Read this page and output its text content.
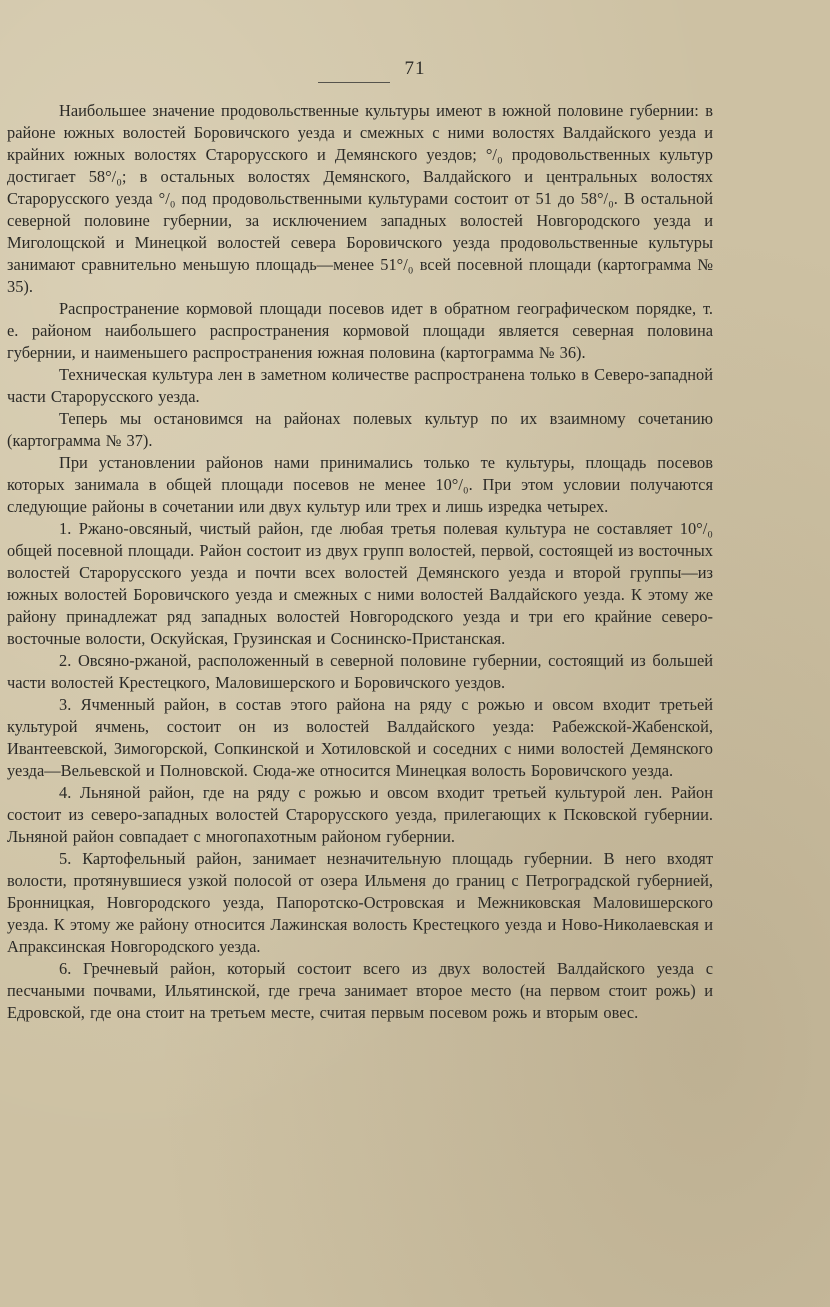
71

Наибольшее значение продовольственные культуры имеют в южной половине губернии: в районе южных волостей Боровичского уезда и смежных с ними волостях Валдайского уезда и крайних южных волостях Старорусского и Демянского уездов; °/₀ продовольственных культур достигает 58°/₀; в остальных волостях Демянского, Валдайского и центральных волостях Старорусского уезда °/₀ под продовольственными культурами состоит от 51 до 58°/₀. В остальной северной половине губернии, за исключением западных волостей Новгородского уезда и Миголощской и Минецкой волостей севера Боровичского уезда продовольственные культуры занимают сравнительно меньшую площадь—менее 51°/₀ всей посевной площади (картограмма № 35).

Распространение кормовой площади посевов идет в обратном географическом порядке, т. е. районом наибольшего распространения кормовой площади является северная половина губернии, и наименьшего распространения южная половина (картограмма № 36).

Техническая культура лен в заметном количестве распространена только в Северо-западной части Старорусского уезда.

Теперь мы остановимся на районах полевых культур по их взаимному сочетанию (картограмма № 37).

При установлении районов нами принимались только те культуры, площадь посевов которых занимала в общей площади посевов не менее 10°/₀. При этом условии получаются следующие районы в сочетании или двух культур или трех и лишь изредка четырех.

1. Ржано-овсяный, чистый район, где любая третья полевая культура не составляет 10°/₀ общей посевной площади. Район состоит из двух групп волостей, первой, состоящей из восточных волостей Старорусского уезда и почти всех волостей Демянского уезда и второй группы—из южных волостей Боровичского уезда и смежных с ними волостей Валдайского уезда. К этому же району принадлежат ряд западных волостей Новгородского уезда и три его крайние северо-восточные волости, Оскуйская, Грузинская и Соснинско-Пристанская.

2. Овсяно-ржаной, расположенный в северной половине губернии, состоящий из большей части волостей Крестецкого, Маловишерского и Боровичского уездов.

3. Ячменный район, в состав этого района на ряду с рожью и овсом входит третьей культурой ячмень, состоит он из волостей Валдайского уезда: Рабежской-Жабенской, Ивантеевской, Зимогорской, Сопкинской и Хотиловской и соседних с ними волостей Демянского уезда—Вельевской и Полновской. Сюда-же относится Минецкая волость Боровичского уезда.

4. Льняной район, где на ряду с рожью и овсом входит третьей культурой лен. Район состоит из северо-западных волостей Старорусского уезда, прилегающих к Псковской губернии. Льняной район совпадает с многопахотным районом губернии.

5. Картофельный район, занимает незначительную площадь губернии. В него входят волости, протянувшиеся узкой полосой от озера Ильменя до границ с Петроградской губернией, Бронницкая, Новгородского уезда, Папоротско-Островская и Межниковская Маловишерского уезда. К этому же району относится Лажинская волость Крестецкого уезда и Ново-Николаевская и Апраксинская Новгородского уезда.

6. Гречневый район, который состоит всего из двух волостей Валдайского уезда с песчаными почвами, Ильятинской, где греча занимает второе место (на первом стоит рожь) и Едровской, где она стоит на третьем месте, считая первым посевом рожь и вторым овес.
